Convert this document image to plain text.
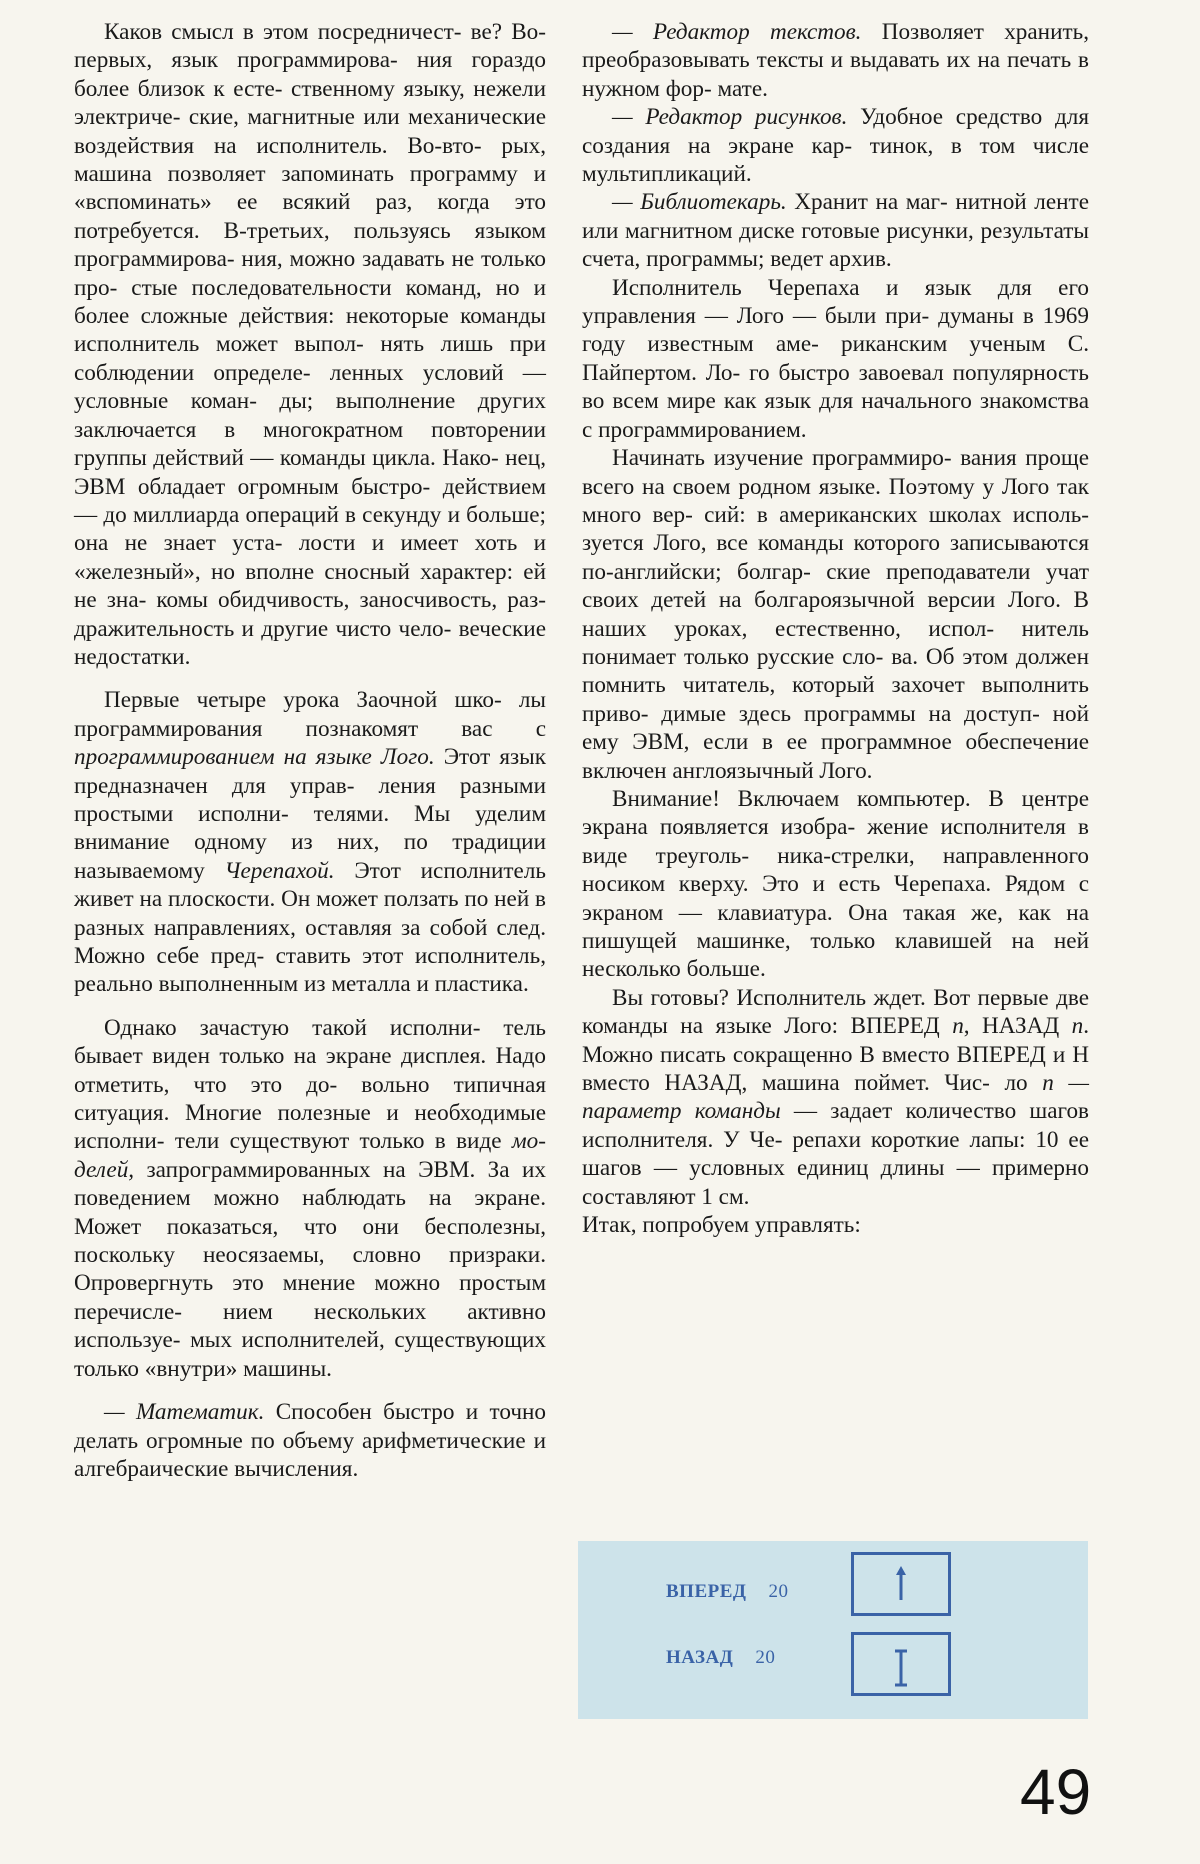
Каков смысл в этом посредничест- ве? Во-первых, язык программирова- ния гораздо более близок к есте- ственному языку, нежели электриче- ские, магнитные или механические воздействия на исполнитель. Во-вто- рых, машина позволяет запоминать программу и «вспоминать» ее всякий раз, когда это потребуется. В-третьих, пользуясь языком программирова- ния, можно задавать не только про- стые последовательности команд, но и более сложные действия: некоторые команды исполнитель может выпол- нять лишь при соблюдении определе- ленных условий — условные коман- ды; выполнение других заключается в многократном повторении группы действий — команды цикла. Нако- нец, ЭВМ обладает огромным быстро- действием — до миллиарда операций в секунду и больше; она не знает уста- лости и имеет хоть и «железный», но вполне сносный характер: ей не зна- комы обидчивость, заносчивость, раз- дражительность и другие чисто чело- веческие недостатки.

Первые четыре урока Заочной шко- лы программирования познакомят вас с программированием на языке Лого. Этот язык предназначен для управ- ления разными простыми исполни- телями. Мы уделим внимание одному из них, по традиции называемому Черепахой. Этот исполнитель живет на плоскости. Он может ползать по ней в разных направлениях, оставляя за собой след. Можно себе пред- ставить этот исполнитель, реально выполненным из металла и пластика.

Однако зачастую такой исполни- тель бывает виден только на экране дисплея. Надо отметить, что это до- вольно типичная ситуация. Многие полезные и необходимые исполни- тели существуют только в виде мо- делей, запрограммированных на ЭВМ. За их поведением можно наблюдать на экране. Может показаться, что они бесполезны, поскольку неосязаемы, словно призраки. Опровергнуть это мнение можно простым перечисле- нием нескольких активно используе- мых исполнителей, существующих только «внутри» машины.

— Математик. Способен быстро и точно делать огромные по объему арифметические и алгебраические вычисления.

— Редактор текстов. Позволяет хранить, преобразовывать тексты и выдавать их на печать в нужном фор- мате.

— Редактор рисунков. Удобное средство для создания на экране кар- тинок, в том числе мультипликаций.

— Библиотекарь. Хранит на маг- нитной ленте или магнитном диске готовые рисунки, результаты счета, программы; ведет архив.

Исполнитель Черепаха и язык для его управления — Лого — были при- думаны в 1969 году известным аме- риканским ученым С. Пайпертом. Ло- го быстро завоевал популярность во всем мире как язык для начального знакомства с программированием.

Начинать изучение программиро- вания проще всего на своем родном языке. Поэтому у Лого так много вер- сий: в американских школах исполь- зуется Лого, все команды которого записываются по-английски; болгар- ские преподаватели учат своих детей на болгароязычной версии Лого. В наших уроках, естественно, испол- нитель понимает только русские сло- ва. Об этом должен помнить читатель, который захочет выполнить приво- димые здесь программы на доступ- ной ему ЭВМ, если в ее программное обеспечение включен англоязычный Лого.

Внимание! Включаем компьютер. В центре экрана появляется изобра- жение исполнителя в виде треуголь- ника-стрелки, направленного носиком кверху. Это и есть Черепаха. Рядом с экраном — клавиатура. Она такая же, как на пишущей машинке, только клавишей на ней несколько больше.

Вы готовы? Исполнитель ждет. Вот первые две команды на языке Лого: ВПЕРЕД n, НАЗАД n. Можно писать сокращенно В вместо ВПЕРЕД и Н вместо НАЗАД, машина поймет. Чис- ло n — параметр команды — задает количество шагов исполнителя. У Че- репахи короткие лапы: 10 ее шагов — условных единиц длины — примерно составляют 1 см.

Итак, попробуем управлять:

ВПЕРЕД 20
НАЗАД 20
49
